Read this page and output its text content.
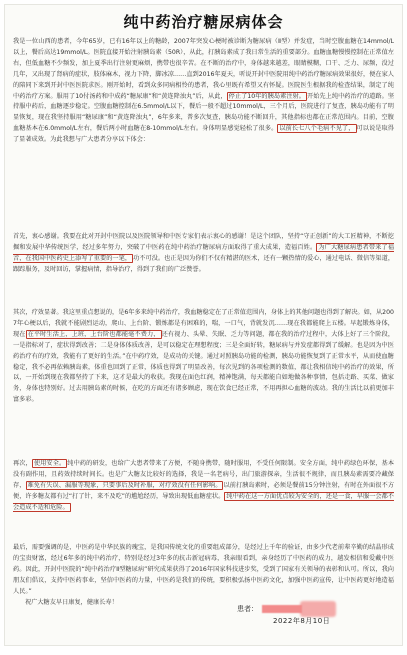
纯中药治疗糖尿病体会
我是一位山西的患者，今年65岁，已有16年以上的糖龄，2007年突发心梗时被诊断为糖尿病（Ⅱ型）并发症，当时空腹血糖在14mmol/L以上，餐后高达19mmol/L。医院直接开始注射胰岛素（50R），从此，打胰岛素成了我日常生活的重要部分。血糖血糖慢慢控制在正常值左右，但低血糖不少频发，加上夏季出行注射更麻烦，携带也很辛苦。在不断的治疗中，身体越来越差，眼睛模糊，口干、乏力、尿频，没过几年，又出现了肾病的症状，肢体麻木，视力下降，脚冰凉……直到2016年夏天，听说开封中医院用纯中药治疗糖尿病效果很好，便在家人的陪同下来到开封中医医院求医。刚开始时，看到众多同病相怜的患者，我心里既有希望又有怀疑。医院医生根据我的检查结果，制定了纯中药治疗方案。服用了10付汤药和中成药“糖尿康”和“黄连降浊丸”后，从此， 停止了10年的胰岛素注射。 开始先上纯中药治疗的道路。坚持服中药后，血糖逐步稳定。空腹血糖控制在6.5mmol/L以下，餐后一般不超过10mmol/L，三个月后，医院进行了复查，胰岛功能有了明显恢复，现在我坚持服用“糖尿康”和“黄连降浊丸”，6年多来，普多次复查，胰岛功能不断回升，其他指标也都在正常范围内。目前，空腹血糖基本在6.0mmol/L左右，餐后两小时血糖在8-10mmol/L左右。身体明显感觉轻松了很多。 以前长七八个毛病不见了， 可以说是取得了显著成效。为此我想与广大患者分享以下体会：
首先，衷心感谢。我要在此对开封中医院以及医院领导和中医专家们表示衷心的感谢！是这个团队，坚持“守正创新”的大工匠精神，不断挖掘和发展中华传统医学，经过多年努力，突破了中医药在纯中药治疗糖尿病方面取得了重大成果，造福百姓。 为广大糖尿病患者带来了福音，在我国中医药史上添写了重要的一笔， 功不可没。也正是因为你们不仅有精湛的医术，还有一颗热情的爱心，通过电话、微信等渠道，跟踪服务，及时回访，掌握病情，指导治疗，得到了我们的广泛赞誉。
其次，疗效显著。我这里重点想说的，是6年多来纯中药治疗，我血糖稳定在了正常值范围内，身体上的其他问题也得到了解决。如，从2007年心梗以后，我就不能剧烈运动，爬山、上台阶、锻炼都是有困难的，喘，一口气，背就发沉……现在我都能爬上五楼。早起锻炼身体，现在 在平时生活上，上班，上台阶也都能毫不费力， 还有视力、头晕、失眠、乏力等问题，都在我的治疗过程中，大体上好了三个阶段，一是指标对了，症状得到改善；二是身体体质改善，是可以稳定在理想程度；三是全面好转，糖尿病与并发症都得到了缓解。也是因为中医药治疗有的疗效，我能有了更好的生活。”在中药疗效，是成功的关键。通过对照胰岛功能的检测，胰岛功能恢复到了正常水平，从而使血糖稳定，我不必再依赖胰岛素，体重也回到了正常，体质也得到了明显改善，每次见到的各项检测的数值，都让我相信纯中药治疗的效果，所以，一开始到现在我都坚持了下来，这才是最大的收获。我现在面色红润，精神饱满，每天都能自如地做各种事情，包括走路、买菜、做家务，身体也特别好。过去用胰岛素的时候，在吃的方面还有诸多顾虑，现在饮食已经正常，不用再担心血糖的波动。我的生活比以前更加丰富多彩。
再次， 使用安全。 纯中药的研发，也给广大患者带来了方便，不随身携带，随时服用，不受任何限制。安全方面，纯中药绿色环保，基本没有副作用，且药效持续时间长。也是广大糖友比较好的选择，我是一名老病号，出门旅游探亲，生活很不规律，而且胰岛素需要冷藏保存， 难免有失误、漏服等现象，只要事后及时补服，对疗效没有任何影响。 以前打胰岛素时，必须是餐前15分钟注射，有时在外面很不方便，许多糖友都有过“打了针，来不及吃”的尴尬经历，导致出现低血糖症状。 纯中药在这一方面优点较为安全的，还是一食，早服一会都不会造成不适和危险。
最后，需要强调的是，中医药是中华民族的瑰宝，是我国传统文化的重要组成部分，是经过上千年的验证，由多少代老前辈辛勤的结晶形成的宝贵财富，经过6年多的纯中药治疗，特别是经过3年多的抗击新冠病毒，我亲眼看到，亲身经历了中医药的成力，越发相信和爱戴中医药。因此，开封中医院的“纯中药治疗Ⅱ型糖尿病”研究成果获得了2016年国家科技进步奖，受到了国家有关领导的表彰和认可。所以，我向朋友们倡议，支持中医药事业，坚信中医药的力量，中医药是我们的传统，要积极弘扬中医药文化，加强中医药宣传，让中医药更好地造福人民。”
祝广大糖友早日康复，健康长寿！
患者：
2022年8月10日
